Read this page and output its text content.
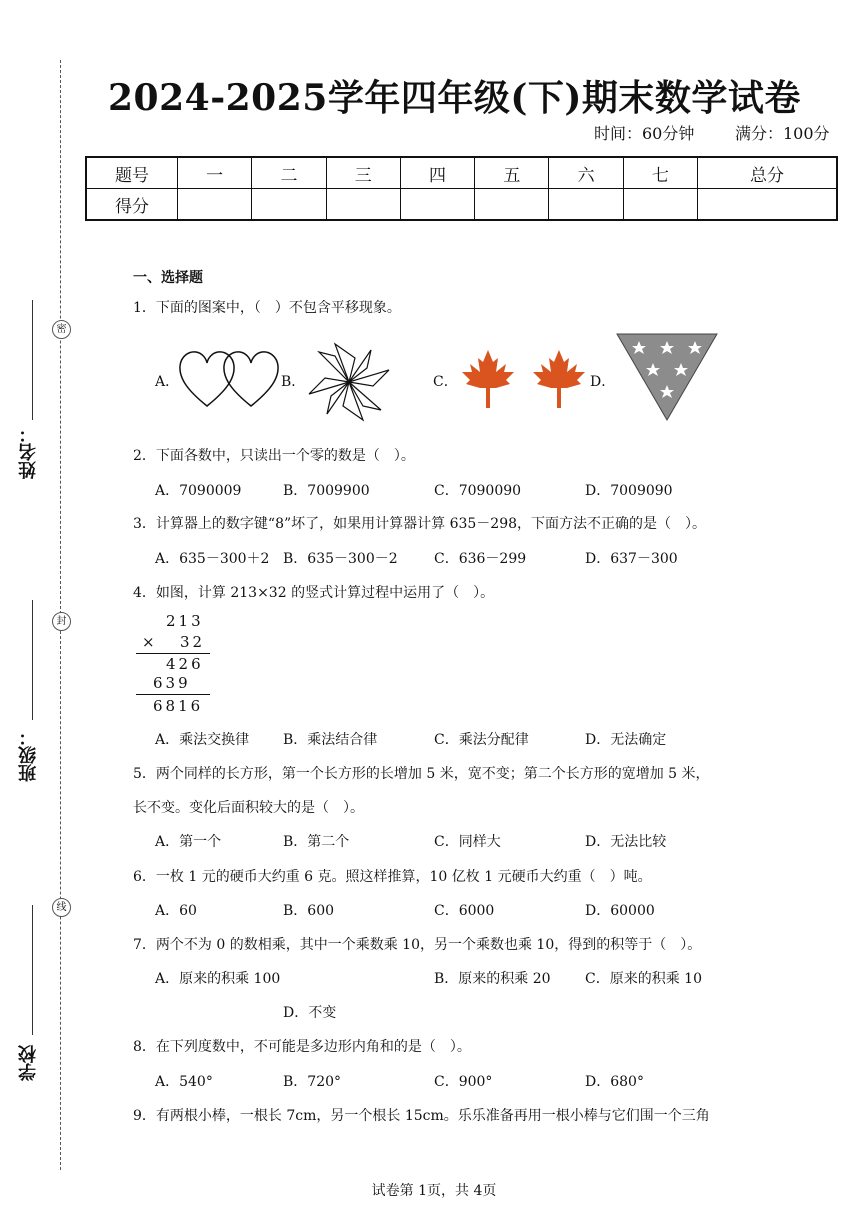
密
封
线
姓名：
班级：
学校
2024-2025学年四年级(下)期末数学试卷
时间：60分钟	满分：100分
题号	一	二	三	四	五	六	七	总分
得分								
一、选择题
1．下面的图案中，（　）不包含平移现象。
A．	B．	C．	D．
2．下面各数中，只读出一个零的数是（　）。
A．7090009	B．7009900	C．7090090	D．7009090
3．计算器上的数字键“8”坏了，如果用计算器计算 635－298，下面方法不正确的是（　）。
A．635－300＋2 B．635－300－2	C．636－299	D．637－300
4．如图，计算 213×32 的竖式计算过程中运用了（　）。
213
× 32
426
639
6816
A．乘法交换律 B．乘法结合律	C．乘法分配律	D．无法确定
5．两个同样的长方形，第一个长方形的长增加 5 米，宽不变；第二个长方形的宽增加 5 米，
长不变。变化后面积较大的是（　）。
A．第一个	B．第二个	C．同样大	D．无法比较
6．一枚 1 元的硬币大约重 6 克。照这样推算，10 亿枚 1 元硬币大约重（　）吨。
A．60	B．600	C．6000	D．60000
7．两个不为 0 的数相乘，其中一个乘数乘 10，另一个乘数也乘 10，得到的积等于（　）。
A．原来的积乘 100	B．原来的积乘 20 C．原来的积乘 10
D．不变
8．在下列度数中，不可能是多边形内角和的是（　）。
A．540°	B．720°	C．900°	D．680°
9．有两根小棒，一根长 7cm，另一个根长 15cm。乐乐准备再用一根小棒与它们围一个三角
试卷第 1页，共 4页
